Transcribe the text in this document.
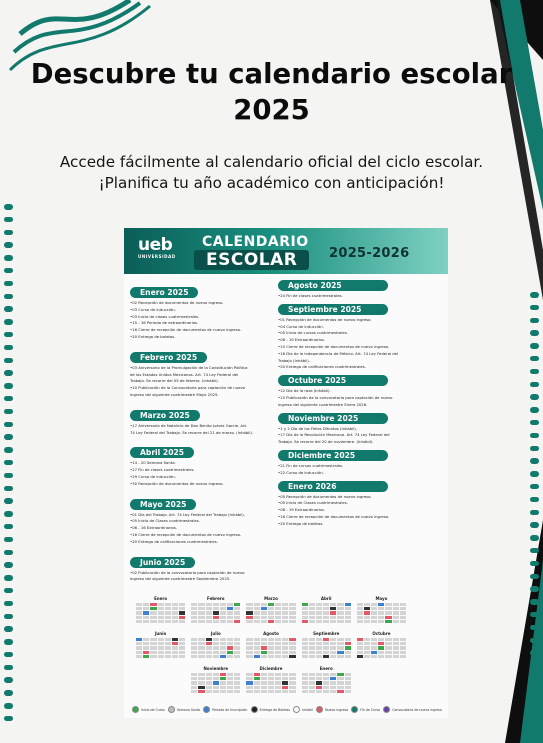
Descubre tu calendario escolar
2025
Accede fácilmente al calendario oficial del ciclo escolar.
¡Planifica tu año académico con anticipación!
ueb
UNIVERSIDAD
CALENDARIO
ESCOLAR	2025-2026
Enero 2025
•02 Recepción de documentos de nuevo ingreso.
•03 Curso de inducción.
•03 Inicio de clases cuatrimestrales.
•15 - 16 Periodo de extraordinarios.
•16 Cierre de recepción de documentos de nuevo ingreso.
•20 Entrega de boletas.
Febrero 2025
•03 Aniversario de la Promulgación de la Constitución Política
de los Estados Unidos Mexicanos. Art. 74 Ley Federal del
Trabajo. Se recorre del 05 de febrero. (Inhábil).
•10 Publicación de la Convocatoria para captación de nuevo
ingreso del siguiente cuatrimestre Mayo 2025.
Marzo 2025
•17 Aniversario de Natalicio de Don Benito Juárez García. Art.
74 Ley Federal del Trabajo. Se recorre del 21 de marzo. (Inhábil).
Abril 2025
•14 - 20 Semana Santa.
•27 Fin de clases cuatrimestrales.
•29 Curso de inducción.
•30 Recepción de documentos de nuevo ingreso.
Mayo 2025
•01 Día del Trabajo. Art. 74 Ley Federal del Trabajo (Inhábil).
•05 Inicio de Clases cuatrimestrales.
•06 - 16 Extraordinarios.
•16 Cierre de recepción de documentos de nuevo ingreso.
•20 Entrega de calificaciones cuatrimestrales.
Junio 2025
•02 Publicación de la convocatoria para captación de nuevo
ingreso del siguiente cuatrimestre Septiembre 2025.
Agosto 2025
•24 Fin de clases cuatrimestrales.
Septiembre 2025
•01 Recepción de documentos de nuevo ingreso.
•04 Curso de inducción.
•05 Inicio de cursos cuatrimestrales.
•08 - 19 Extraordinarios.
•15 Cierre de recepción de documentos de nuevo ingreso.
•16 Día de la Independencia de México. Art. 74 Ley Federal del
Trabajo (Inhábil).
•20 Entrega de calificaciones cuatrimestrales.
Octubre 2025
•12 Día de la raza (Inhábil).
•15 Publicación de la convocatoria para captación de nuevo
ingreso del siguiente cuatrimestre Enero 2026.
Noviembre 2025
•1 y 2 Día de los Fieles Difuntos (Inhábil).
•17 Día de la Revolución Mexicana. Art. 74 Ley Federal del
Trabajo. Se recorre del 20 de noviembre. (Inhábil).
Diciembre 2025
•21 Fin de cursos cuatrimestrales.
•22 Curso de inducción.
Enero 2026
•05 Recepción de documentos de nuevo ingreso.
•05 Inicio de Clases cuatrimestrales.
•08 - 19 Extraordinarios.
•16 Cierre de recepción de documentos de nuevo ingreso.
•20 Entrega de boletas.
Enero	Febrero	Marzo	Abril	Mayo
Junio	Julio	Agosto	Septiembre	Octubre
Noviembre	Diciembre	Enero
Inicio de Curso	Semana Santa	Periodo de Inscripción	Entrega de Boletas	Inhábil	Nuevo ingreso	Fin de Curso	Convocatoria de nuevo ingreso
